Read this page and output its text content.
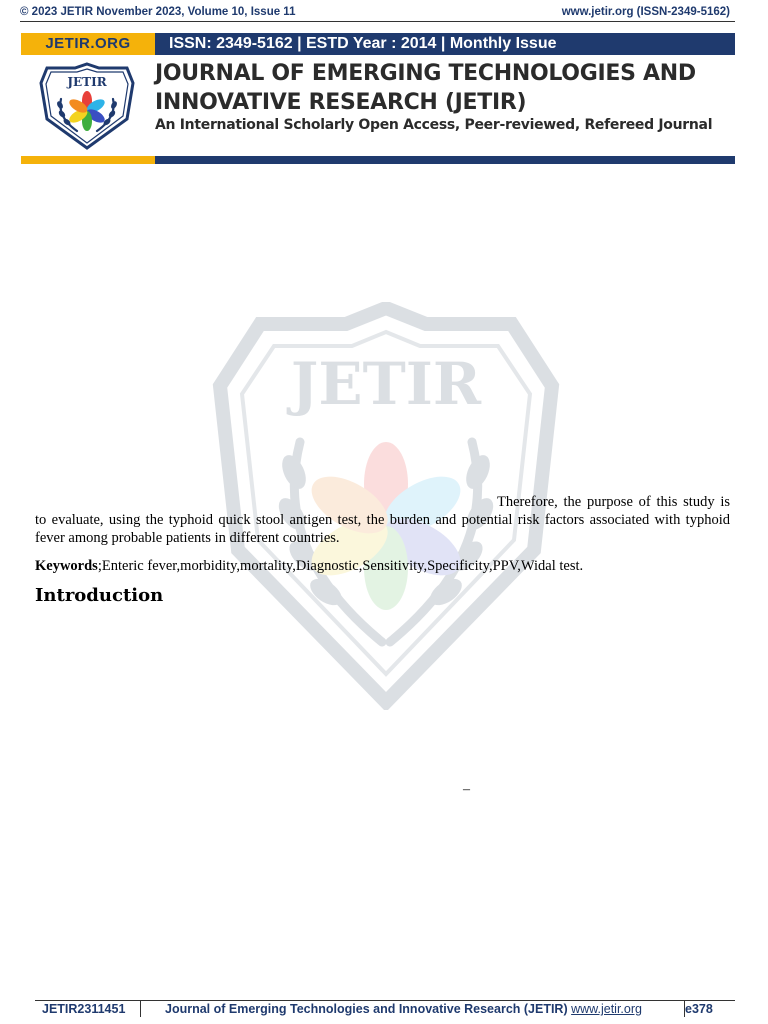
© 2023 JETIR November 2023, Volume 10, Issue 11	www.jetir.org (ISSN-2349-5162)
JETIR.ORG	ISSN: 2349-5162 | ESTD Year : 2014 | Monthly Issue
JETIR JOURNAL OF EMERGING TECHNOLOGIES AND
INNOVATIVE RESEARCH (JETIR)
An International Scholarly Open Access, Peer-reviewed, Refereed Journal
JETIR

Therefore, the purpose of this study is to evaluate, using the typhoid quick stool antigen test, the burden and potential risk factors associated with typhoid fever among probable patients in different countries.

Keywords;Enteric fever,morbidity,mortality,Diagnostic,Sensitivity,Specificity,PPV,Widal test.

Introduction
–
JETIR2311451	Journal of Emerging Technologies and Innovative Research (JETIR) www.jetir.org	e378
